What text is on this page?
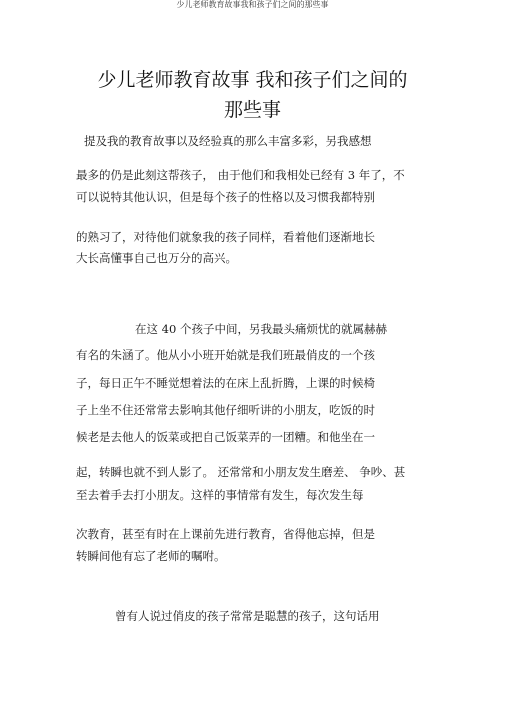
少儿老师教育故事我和孩子们之间的那些事
少儿老师教育故事 我和孩子们之间的
那些事
提及我的教育故事以及经验真的那么丰富多彩，另我感想
最多的仍是此刻这帮孩子， 由于他们和我相处已经有 3 年了，不
可以说特其他认识，但是每个孩子的性格以及习惯我都特别
的熟习了，对待他们就象我的孩子同样，看着他们逐渐地长
大长高懂事自己也万分的高兴。
在这 40 个孩子中间，另我最头痛烦忧的就属赫赫
有名的朱涵了。他从小小班开始就是我们班最俏皮的一个孩
子，每日正午不睡觉想着法的在床上乱折腾，上课的时候椅
子上坐不住还常常去影响其他仔细听讲的小朋友，吃饭的时
候老是去他人的饭菜或把自己饭菜弄的一团糟。和他坐在一
起，转瞬也就不到人影了。 还常常和小朋友发生磨差、 争吵、甚
至去着手去打小朋友。这样的事情常有发生，每次发生每
次教育，甚至有时在上课前先进行教育，省得他忘掉，但是
转瞬间他有忘了老师的嘱咐。
曾有人说过俏皮的孩子常常是聪慧的孩子，这句话用
